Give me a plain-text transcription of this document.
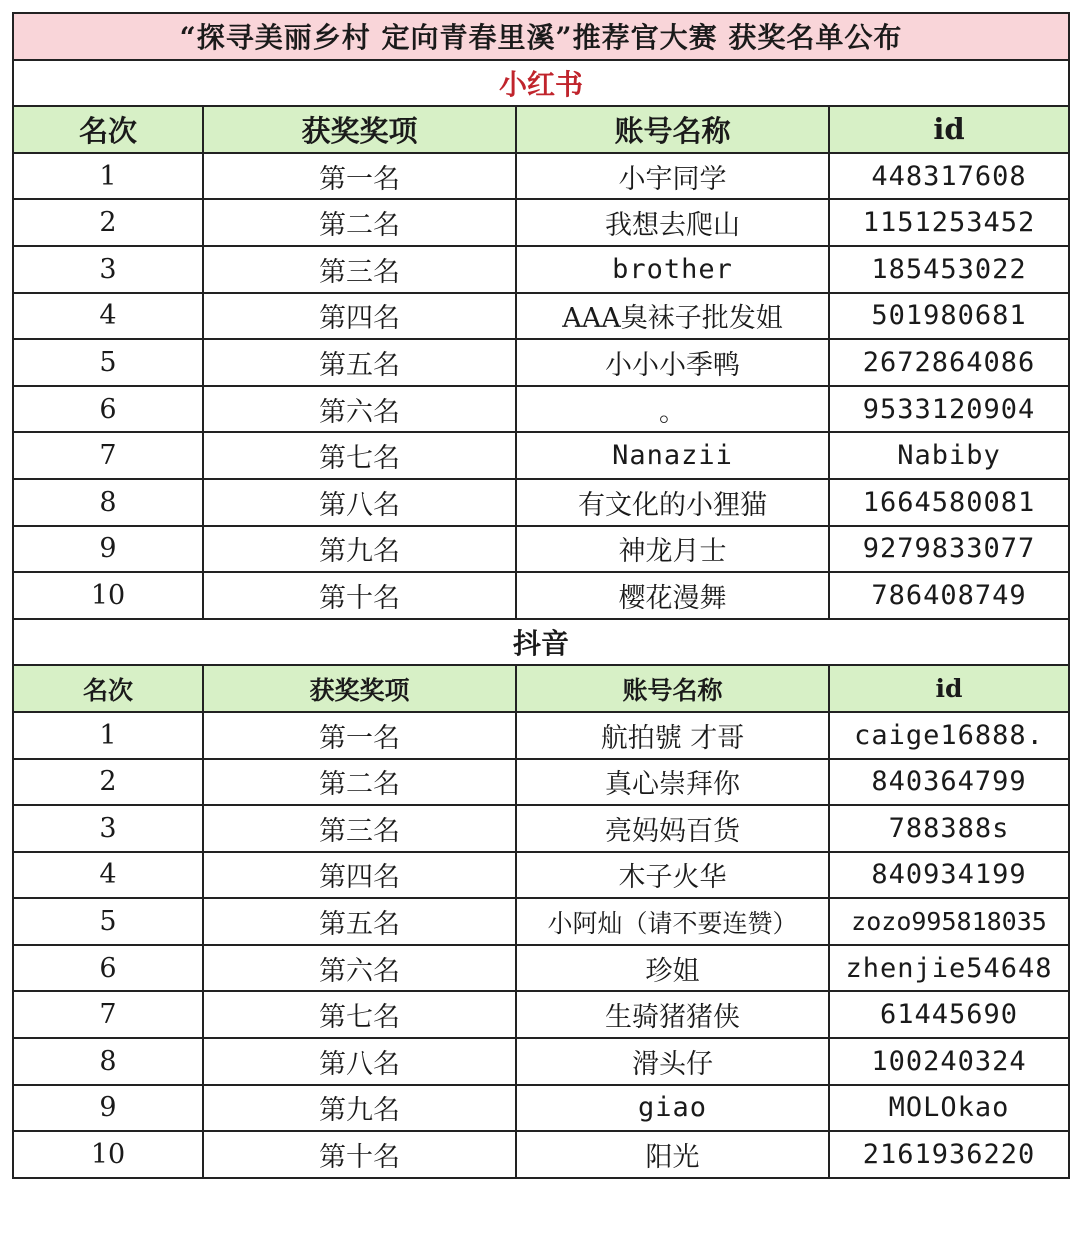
“探寻美丽乡村 定向青春里溪”推荐官大赛 获奖名单公布			
小红书			
名次	获奖奖项	账号名称	id
1	第一名	小宇同学	448317608
2	第二名	我想去爬山	1151253452
3	第三名	brother	185453022
4	第四名	AAA臭袜子批发姐	501980681
5	第五名	小小小季鸭	2672864086
6	第六名	。	9533120904
7	第七名	Nanazii	Nabiby
8	第八名	有文化的小狸猫	1664580081
9	第九名	神龙月士	9279833077
10	第十名	樱花漫舞	786408749
抖音			
名次	获奖奖项	账号名称	id
1	第一名	航拍號 才哥	caige16888.
2	第二名	真心崇拜你	840364799
3	第三名	亮妈妈百货	788388s
4	第四名	木子火华	840934199
5	第五名	小阿灿（请不要连赞）	zozo995818035
6	第六名	珍姐	zhenjie54648
7	第七名	生骑猪猪侠	61445690
8	第八名	滑头仔	100240324
9	第九名	giao	MOLOkao
10	第十名	阳光	2161936220
